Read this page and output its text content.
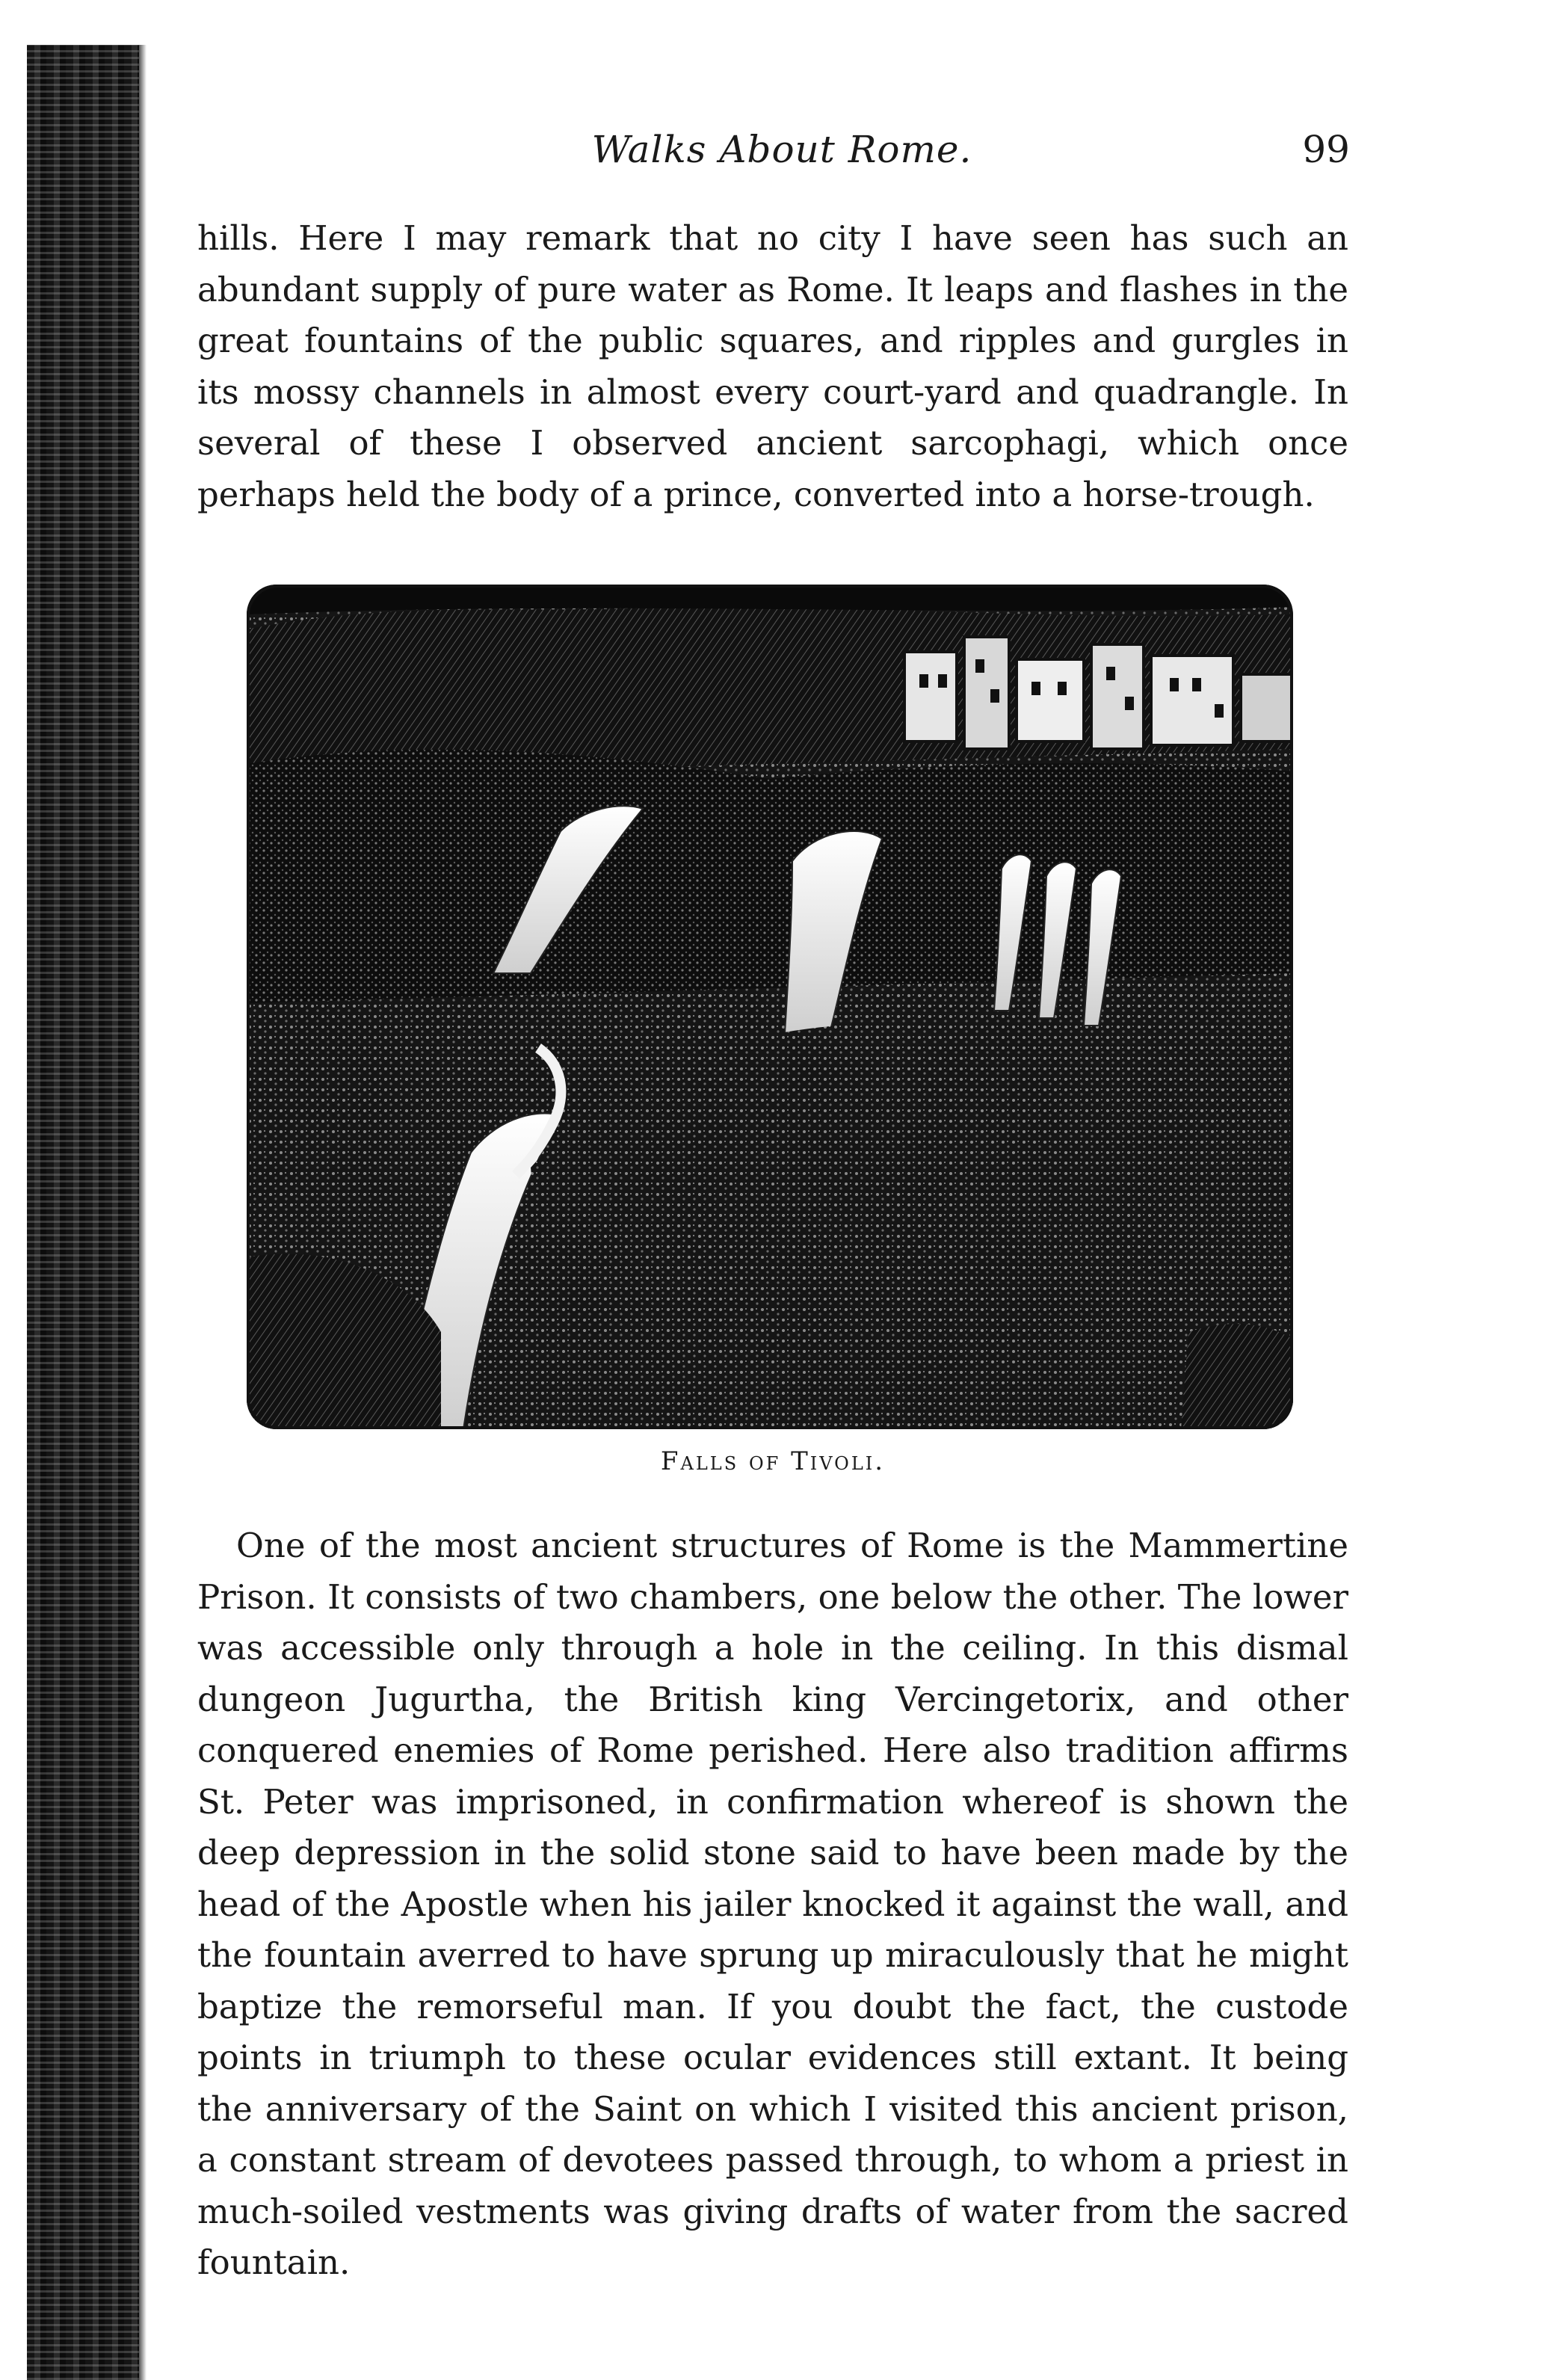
Walks About Rome.	99

hills. Here I may remark that no city I have seen has such an abundant supply of pure water as Rome. It leaps and flashes in the great fountains of the public squares, and ripples and gurgles in its mossy channels in almost every court-yard and quadrangle. In several of these I observed ancient sarcophagi, which once perhaps held the body of a prince, converted into a horse-trough.

Falls of Tivoli.

One of the most ancient structures of Rome is the Mammertine Prison. It consists of two chambers, one below the other. The lower was accessible only through a hole in the ceiling. In this dismal dungeon Jugurtha, the British king Vercingetorix, and other conquered enemies of Rome perished. Here also tradition affirms St. Peter was imprisoned, in confirmation whereof is shown the deep depression in the solid stone said to have been made by the head of the Apostle when his jailer knocked it against the wall, and the fountain averred to have sprung up miraculously that he might baptize the remorseful man. If you doubt the fact, the custode points in triumph to these ocular evidences still extant. It being the anniversary of the Saint on which I visited this ancient prison, a constant stream of devotees passed through, to whom a priest in much-soiled vestments was giving drafts of water from the sacred fountain.
